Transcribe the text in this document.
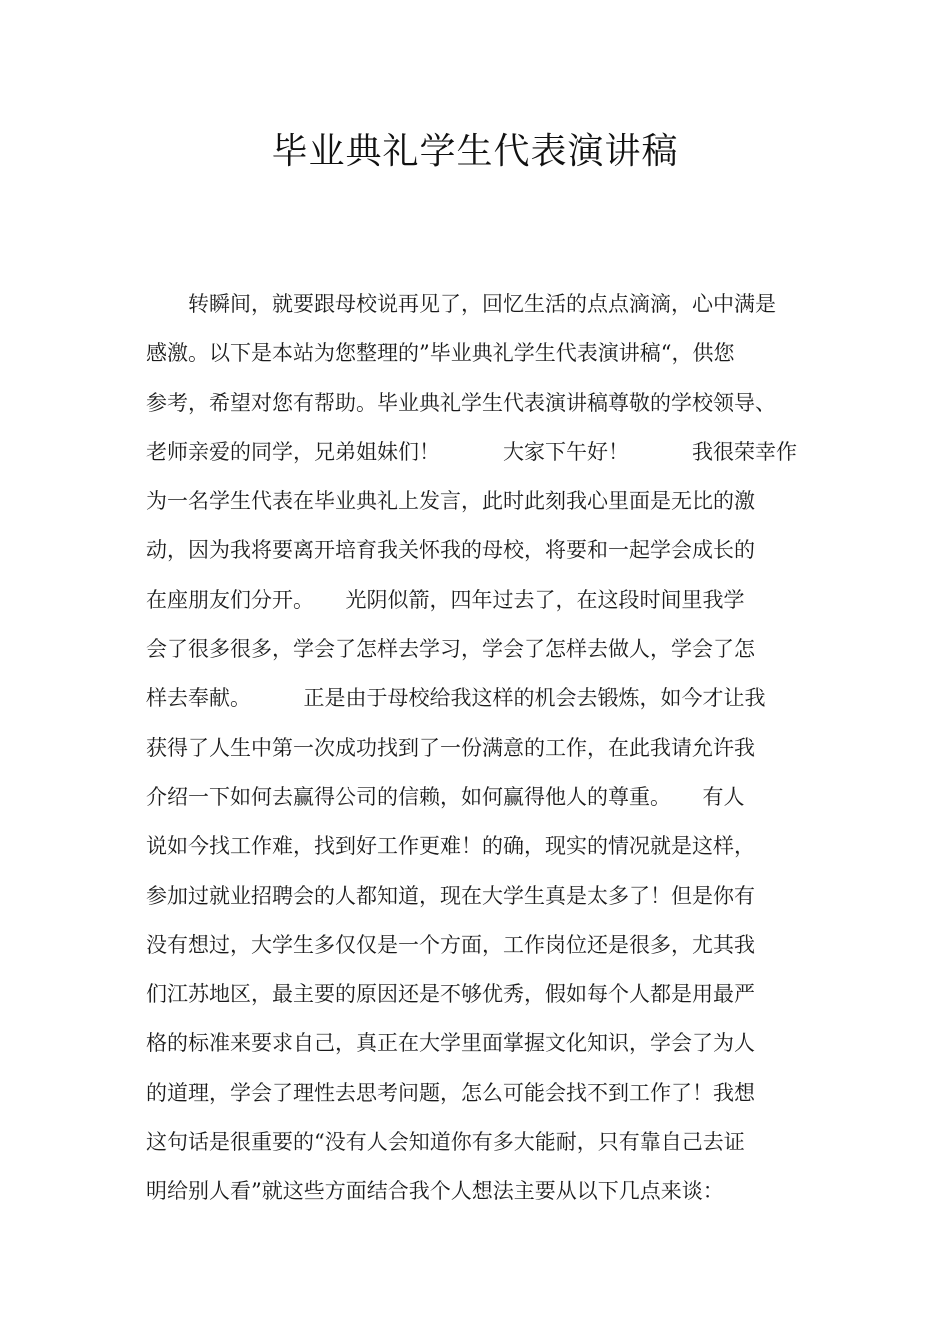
毕业典礼学生代表演讲稿
　　转瞬间，就要跟母校说再见了，回忆生活的点点滴滴，心中满是
感激。以下是本站为您整理的”毕业典礼学生代表演讲稿“，供您
参考，希望对您有帮助。毕业典礼学生代表演讲稿尊敬的学校领导、
老师亲爱的同学，兄弟姐妹们！　　　大家下午好！　　　我很荣幸作
为一名学生代表在毕业典礼上发言，此时此刻我心里面是无比的激
动，因为我将要离开培育我关怀我的母校，将要和一起学会成长的
在座朋友们分开。　　光阴似箭，四年过去了，在这段时间里我学
会了很多很多，学会了怎样去学习，学会了怎样去做人，学会了怎
样去奉献。　　　正是由于母校给我这样的机会去锻炼，如今才让我
获得了人生中第一次成功找到了一份满意的工作，在此我请允许我
介绍一下如何去赢得公司的信赖，如何赢得他人的尊重。　　有人
说如今找工作难，找到好工作更难！的确，现实的情况就是这样，
参加过就业招聘会的人都知道，现在大学生真是太多了！但是你有
没有想过，大学生多仅仅是一个方面，工作岗位还是很多，尤其我
们江苏地区，最主要的原因还是不够优秀，假如每个人都是用最严
格的标准来要求自己，真正在大学里面掌握文化知识，学会了为人
的道理，学会了理性去思考问题，怎么可能会找不到工作了！我想
这句话是很重要的“没有人会知道你有多大能耐，只有靠自己去证
明给别人看”就这些方面结合我个人想法主要从以下几点来谈：
